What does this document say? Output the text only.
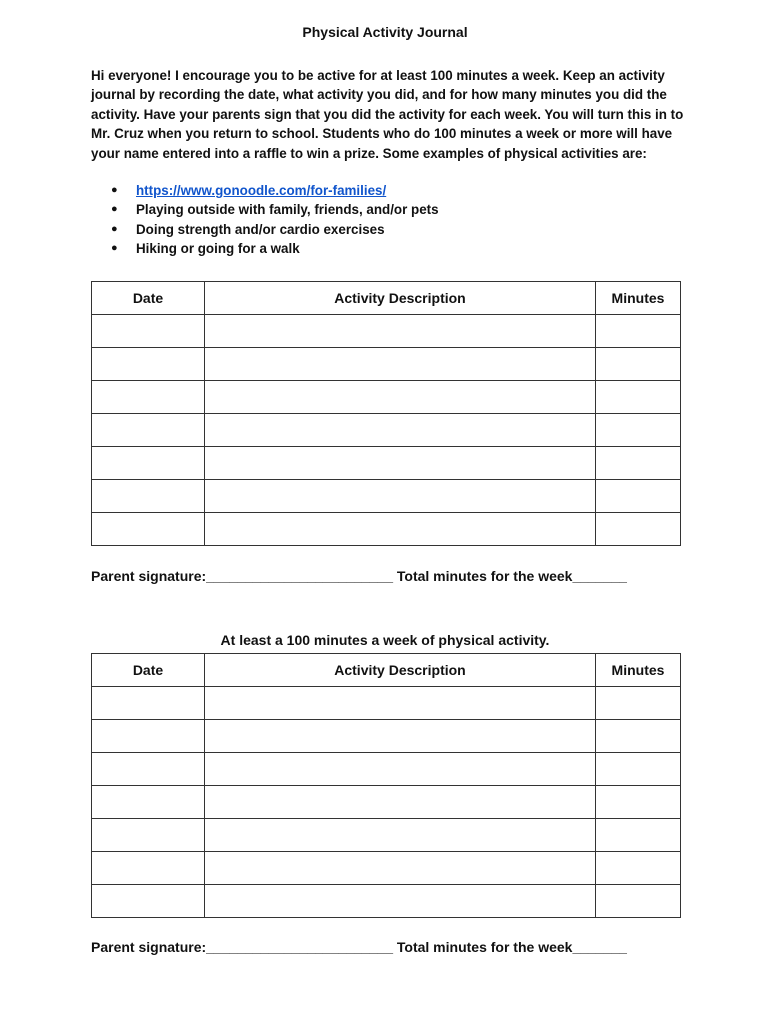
Physical Activity Journal

Hi everyone! I encourage you to be active for at least 100 minutes a week. Keep an activity journal by recording the date, what activity you did, and for how many minutes you did the activity. Have your parents sign that you did the activity for each week. You will turn this in to Mr. Cruz when you return to school. Students who do 100 minutes a week or more will have your name entered into a raffle to win a prize. Some examples of physical activities are:

● https://www.gonoodle.com/for-families/
● Playing outside with family, friends, and/or pets
● Doing strength and/or cardio exercises
● Hiking or going for a walk
Date	Activity Description	Minutes

Parent signature:________________________ Total minutes for the week_______
At least a 100 minutes a week of physical activity.
Date	Activity Description	Minutes

Parent signature:________________________ Total minutes for the week_______
